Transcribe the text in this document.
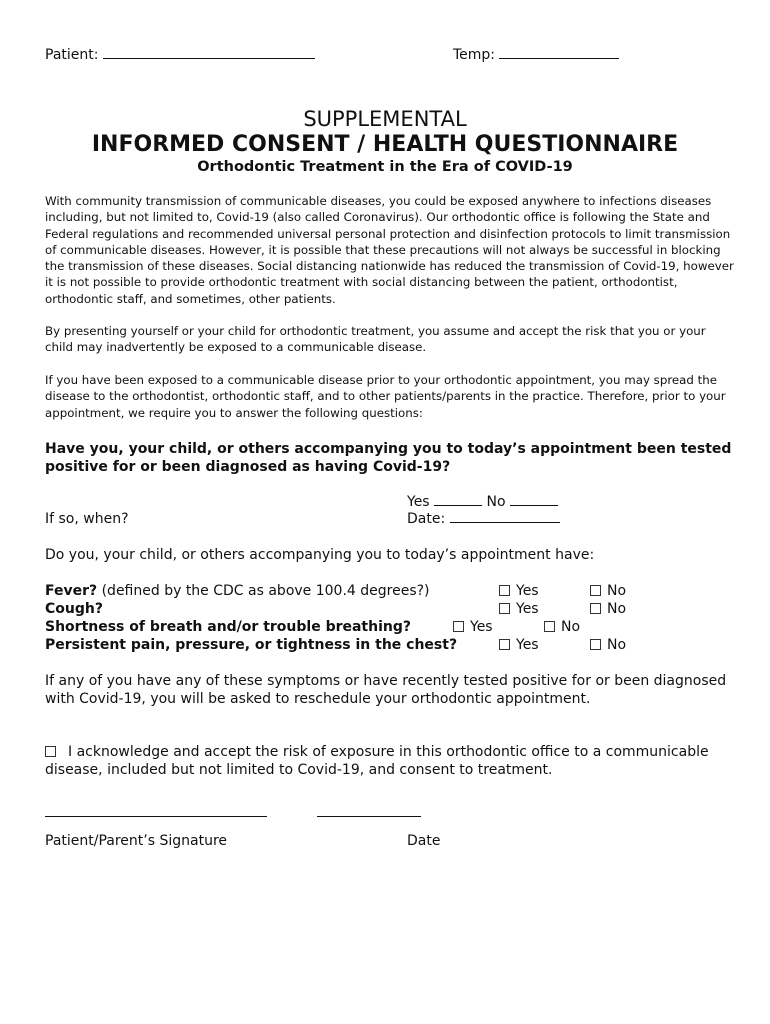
Patient:	Temp:
SUPPLEMENTAL
INFORMED CONSENT / HEALTH QUESTIONNAIRE
Orthodontic Treatment in the Era of COVID-19
With community transmission of communicable diseases, you could be exposed anywhere to infections diseases including, but not limited to, Covid-19 (also called Coronavirus). Our orthodontic office is following the State and Federal regulations and recommended universal personal protection and disinfection protocols to limit transmission of communicable diseases. However, it is possible that these precautions will not always be successful in blocking the transmission of these diseases. Social distancing nationwide has reduced the transmission of Covid-19, however it is not possible to provide orthodontic treatment with social distancing between the patient, orthodontist, orthodontic staff, and sometimes, other patients.
By presenting yourself or your child for orthodontic treatment, you assume and accept the risk that you or your child may inadvertently be exposed to a communicable disease.
If you have been exposed to a communicable disease prior to your orthodontic appointment, you may spread the disease to the orthodontist, orthodontic staff, and to other patients/parents in the practice. Therefore, prior to your appointment, we require you to answer the following questions:
Have you, your child, or others accompanying you to today’s appointment been tested positive for or been diagnosed as having Covid-19?
Yes	No
If so, when?	Date:
Do you, your child, or others accompanying you to today’s appointment have:
Fever? (defined by the CDC as above 100.4 degrees?)	Yes	No
Cough?	Yes	No
Shortness of breath and/or trouble breathing?	Yes	No
Persistent pain, pressure, or tightness in the chest?	Yes	No
If any of you have any of these symptoms or have recently tested positive for or been diagnosed with Covid-19, you will be asked to reschedule your orthodontic appointment.
I acknowledge and accept the risk of exposure in this orthodontic office to a communicable
disease, included but not limited to Covid-19, and consent to treatment.
Patient/Parent’s Signature	Date
